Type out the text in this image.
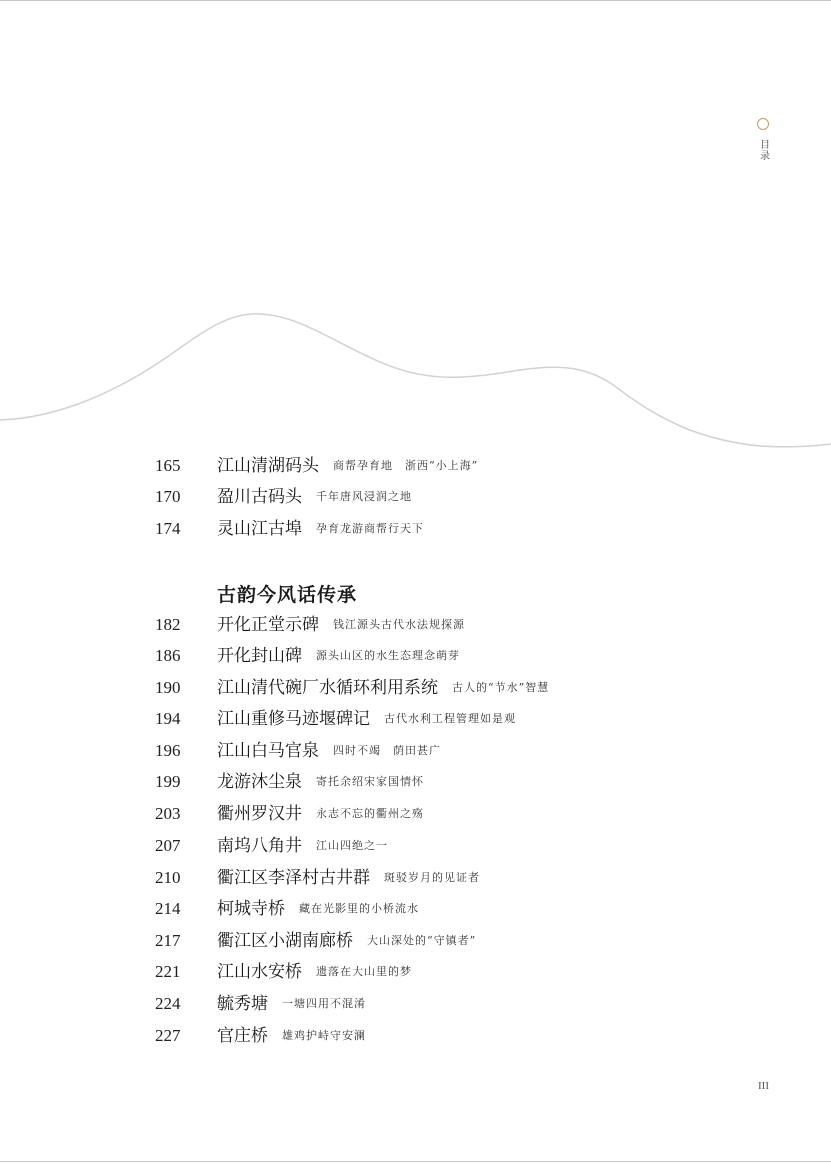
目录
165	江山清湖码头 商帮孕育地　浙西“小上海”
170	盈川古码头 千年唐风浸润之地
174	灵山江古埠 孕育龙游商帮行天下
古韵今风话传承
182	开化正堂示碑 钱江源头古代水法规探源
186	开化封山碑 源头山区的水生态理念萌芽
190	江山清代碗厂水循环利用系统 古人的“节水”智慧
194	江山重修马迹堰碑记 古代水利工程管理如是观
196	江山白马官泉 四时不竭　荫田甚广
199	龙游沐尘泉 寄托余绍宋家国情怀
203	衢州罗汉井 永志不忘的衢州之殇
207	南坞八角井 江山四绝之一
210	衢江区李泽村古井群 斑驳岁月的见证者
214	柯城寺桥 藏在光影里的小桥流水
217	衢江区小湖南廊桥 大山深处的“守镇者”
221	江山水安桥 遗落在大山里的梦
224	毓秀塘 一塘四用不混淆
227	官庄桥 雄鸡护峙守安澜
III
